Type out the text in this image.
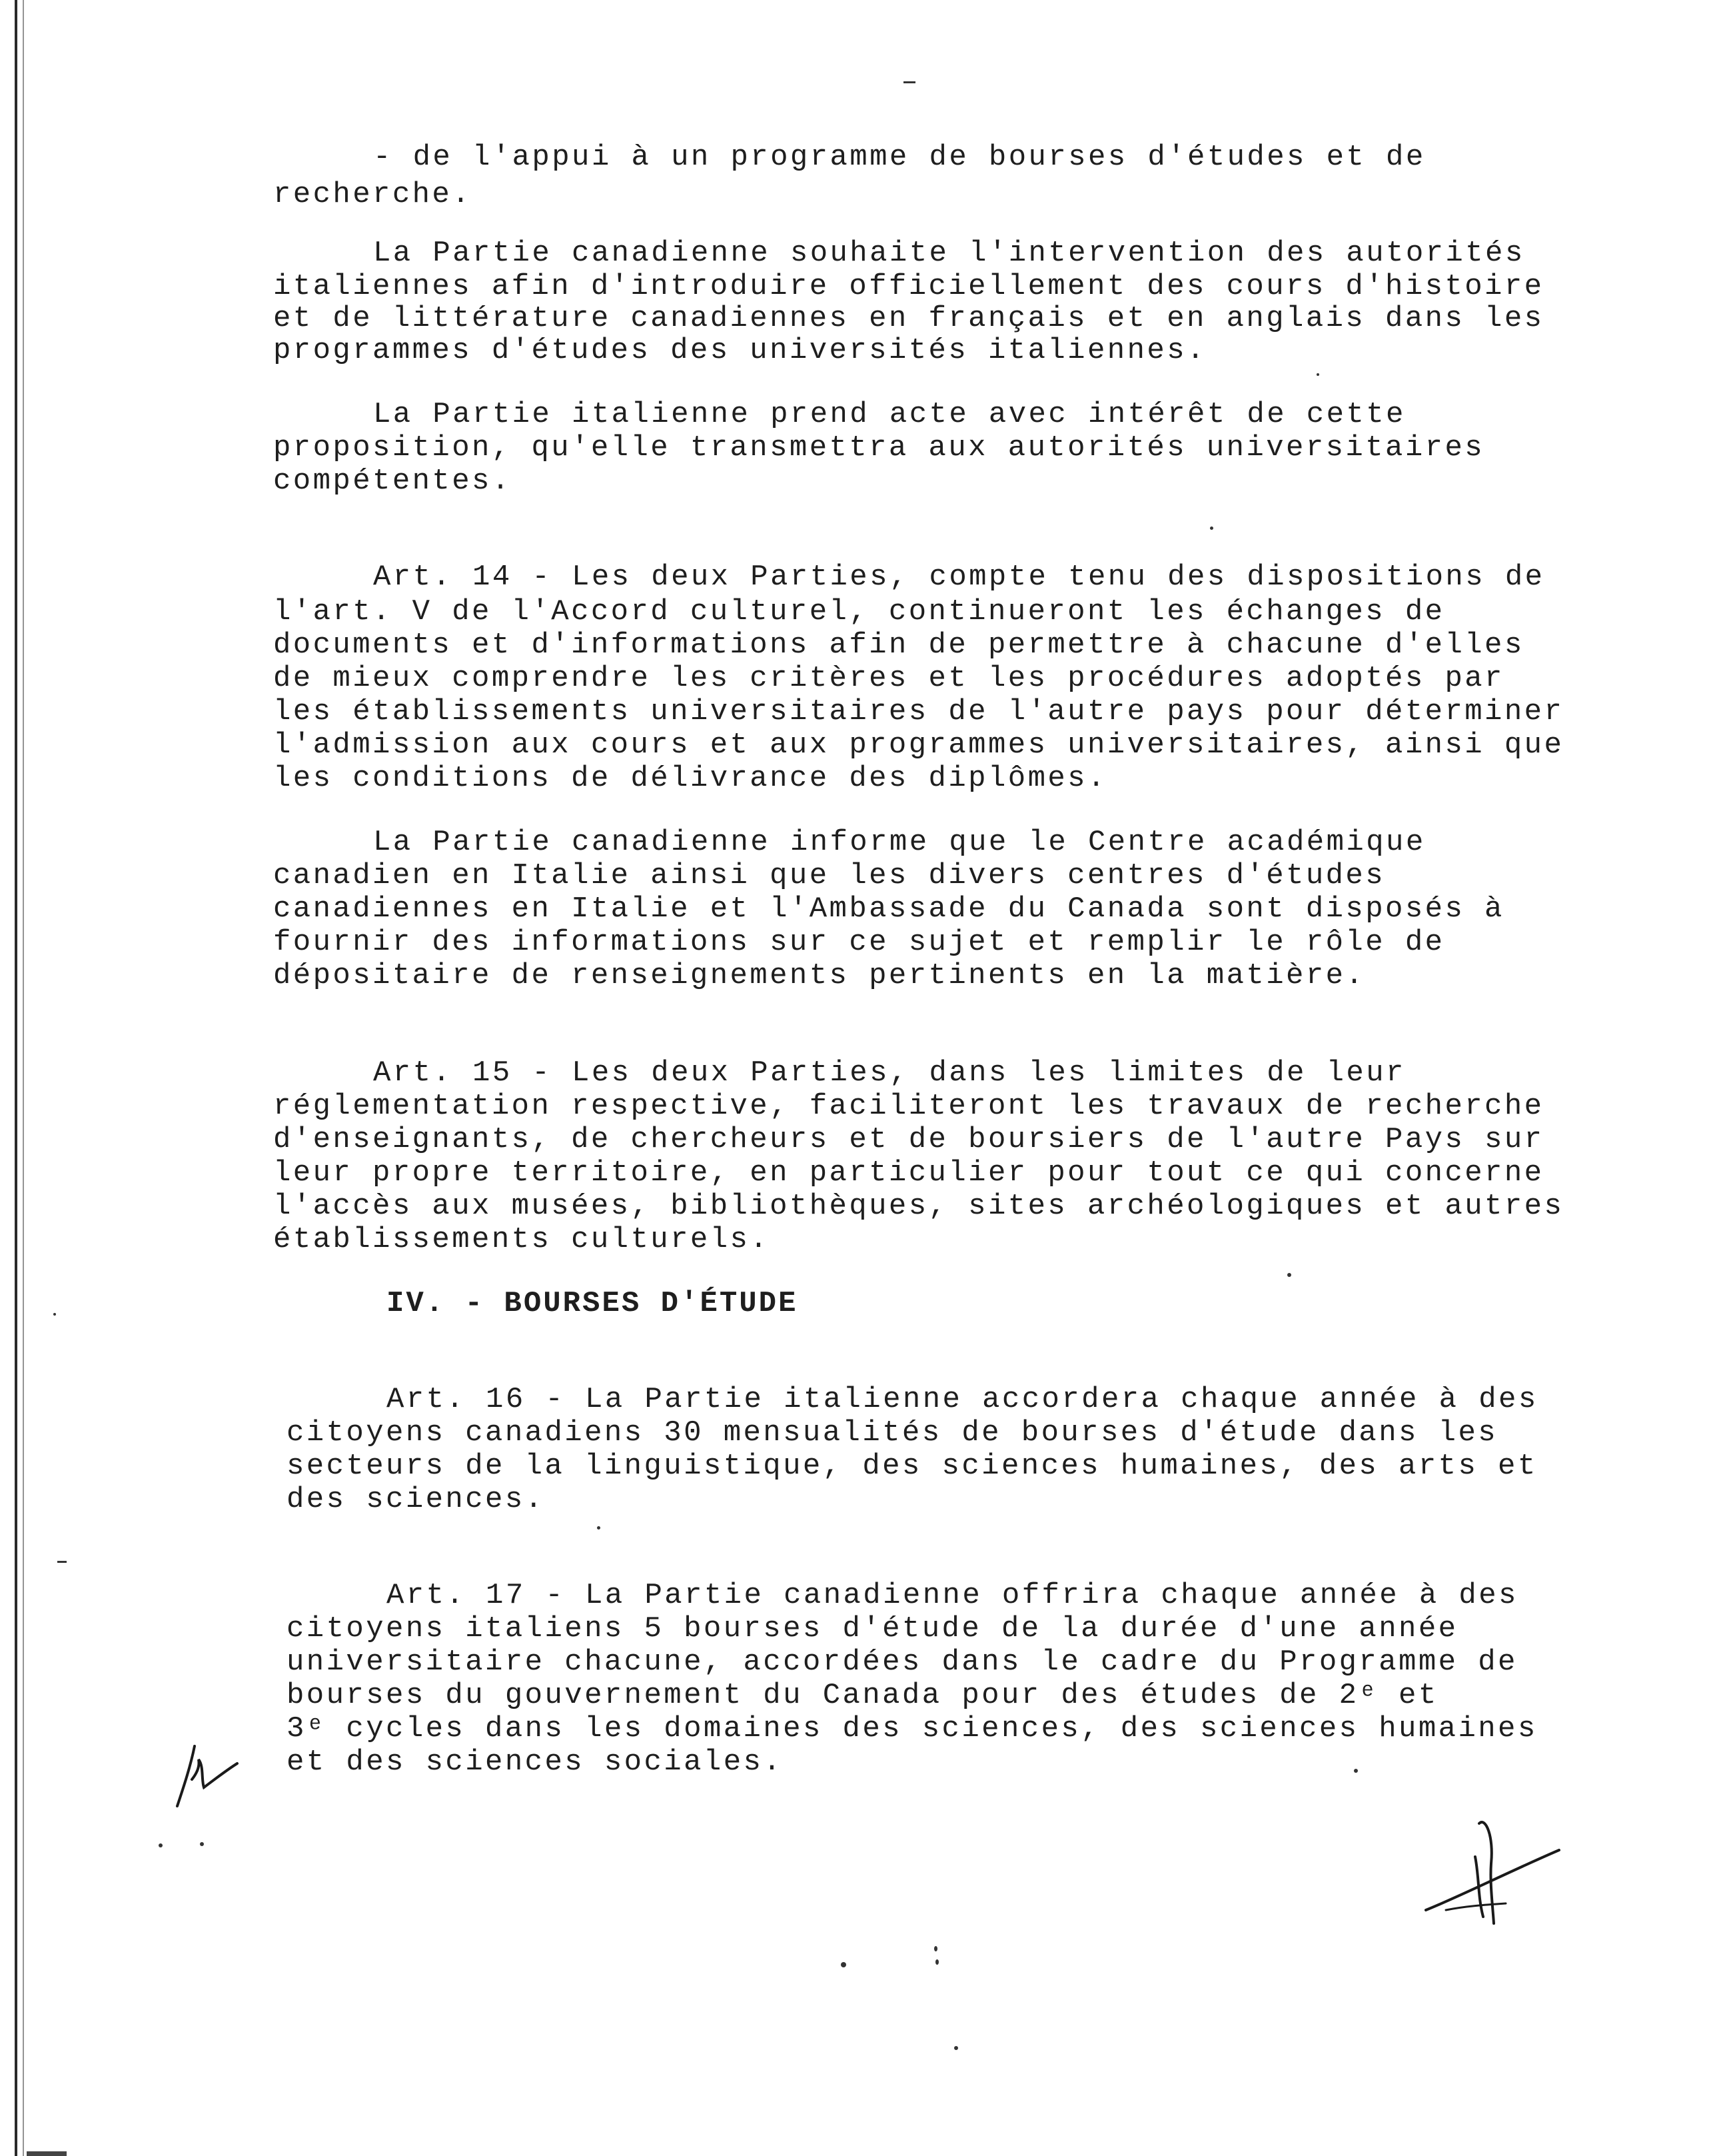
- de l'appui à un programme de bourses d'études et de
recherche.
La Partie canadienne souhaite l'intervention des autorités
italiennes afin d'introduire officiellement des cours d'histoire
et de littérature canadiennes en français et en anglais dans les
programmes d'études des universités italiennes.
La Partie italienne prend acte avec intérêt de cette
proposition, qu'elle transmettra aux autorités universitaires
compétentes.
Art. 14 - Les deux Parties, compte tenu des dispositions de
l'art. V de l'Accord culturel, continueront les échanges de
documents et d'informations afin de permettre à chacune d'elles
de mieux comprendre les critères et les procédures adoptés par
les établissements universitaires de l'autre pays pour déterminer
l'admission aux cours et aux programmes universitaires, ainsi que
les conditions de délivrance des diplômes.
La Partie canadienne informe que le Centre académique
canadien en Italie ainsi que les divers centres d'études
canadiennes en Italie et l'Ambassade du Canada sont disposés à
fournir des informations sur ce sujet et remplir le rôle de
dépositaire de renseignements pertinents en la matière.
Art. 15 - Les deux Parties, dans les limites de leur
réglementation respective, faciliteront les travaux de recherche
d'enseignants, de chercheurs et de boursiers de l'autre Pays sur
leur propre territoire, en particulier pour tout ce qui concerne
l'accès aux musées, bibliothèques, sites archéologiques et autres
établissements culturels.
IV. - BOURSES D'ÉTUDE
Art. 16 - La Partie italienne accordera chaque année à des
citoyens canadiens 30 mensualités de bourses d'étude dans les
secteurs de la linguistique, des sciences humaines, des arts et
des sciences.
Art. 17 - La Partie canadienne offrira chaque année à des
citoyens italiens 5 bourses d'étude de la durée d'une année
universitaire chacune, accordées dans le cadre du Programme de
bourses du gouvernement du Canada pour des études de 2ᵉ et
3ᵉ cycles dans les domaines des sciences, des sciences humaines
et des sciences sociales.
